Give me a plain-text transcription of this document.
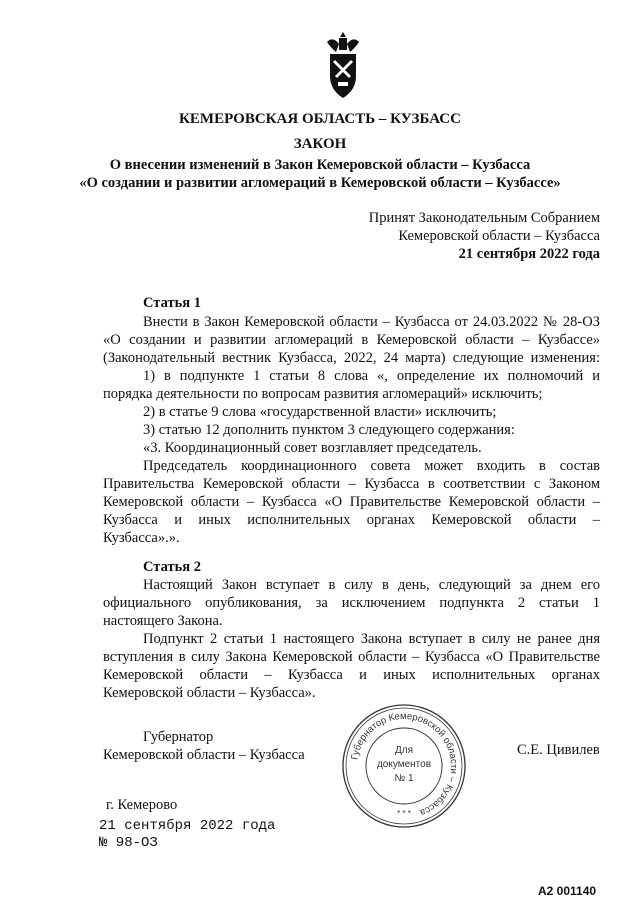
КЕМЕРОВСКАЯ ОБЛАСТЬ – КУЗБАСС
ЗАКОН
О внесении изменений в Закон Кемеровской области – Кузбасса
«О создании и развитии агломераций в Кемеровской области – Кузбассе»
Принят Законодательным Собранием
Кемеровской области – Кузбасса
21 сентября 2022 года
Статья 1
Внести в Закон Кемеровской области – Кузбасса от 24.03.2022 № 28-ОЗ
«О создании и развитии агломераций в Кемеровской области – Кузбассе»
(Законодательный вестник Кузбасса, 2022, 24 марта) следующие изменения:
1) в подпункте 1 статьи 8 слова «, определение их полномочий и
порядка деятельности по вопросам развития агломераций» исключить;
2) в статье 9 слова «государственной власти» исключить;
3) статью 12 дополнить пунктом 3 следующего содержания:
«3. Координационный совет возглавляет председатель.
Председатель координационного совета может входить в состав
Правительства Кемеровской области – Кузбасса в соответствии с Законом
Кемеровской области – Кузбасса «О Правительстве Кемеровской области –
Кузбасса и иных исполнительных органах Кемеровской области –
Кузбасса».».
Статья 2
Настоящий Закон вступает в силу в день, следующий за днем его
официального опубликования, за исключением подпункта 2 статьи 1
настоящего Закона.
Подпункт 2 статьи 1 настоящего Закона вступает в силу не ранее дня
вступления в силу Закона Кемеровской области – Кузбасса «О Правительстве
Кемеровской области – Кузбасса и иных исполнительных органах
Кемеровской области – Кузбасса».
Губернатор
Кемеровской области – Кузбасса	С.Е. Цивилев
Губернатор Кемеровской области – Кузбасса
Для
документов
№ 1
* * *
г. Кемерово
21 сентября 2022 года
№ 98-ОЗ
A2 001140
